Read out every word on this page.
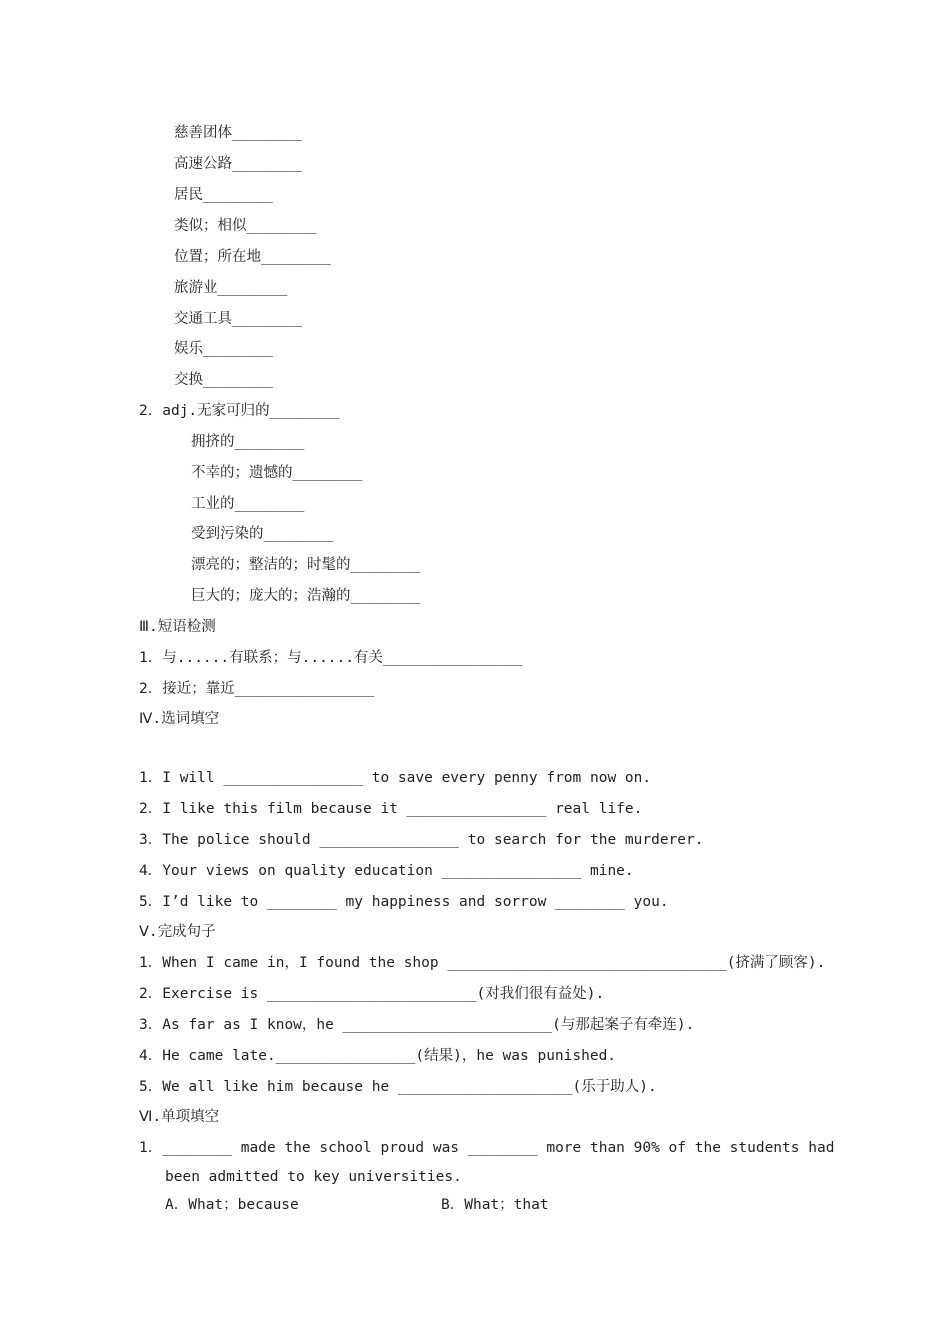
慈善团体________
高速公路________
居民________
类似；相似________
位置；所在地________
旅游业________
交通工具________
娱乐________
交换________
2．adj.无家可归的________
拥挤的________
不幸的；遗憾的________
工业的________
受到污染的________
漂亮的；整洁的；时髦的________
巨大的；庞大的；浩瀚的________
Ⅲ.短语检测
1．与......有联系；与......有关________________
2．接近；靠近________________
Ⅳ.选词填空
1．I will ________________ to save every penny from now on.
2．I like this film because it ________________ real life.
3．The police should ________________ to search for the murderer.
4．Your views on quality education ________________ mine.
5．I’d like to ________ my happiness and sorrow ________ you.
Ⅴ.完成句子
1．When I came in，I found the shop ________________________________(挤满了顾客).
2．Exercise is ________________________(对我们很有益处).
3．As far as I know，he ________________________(与那起案子有牵连).
4．He came late.________________(结果)，he was punished.
5．We all like him because he ____________________(乐于助人).
Ⅵ.单项填空
1．________ made the school proud was ________ more than 90% of the students had
been admitted to key universities.
A．What；because	B．What；that
